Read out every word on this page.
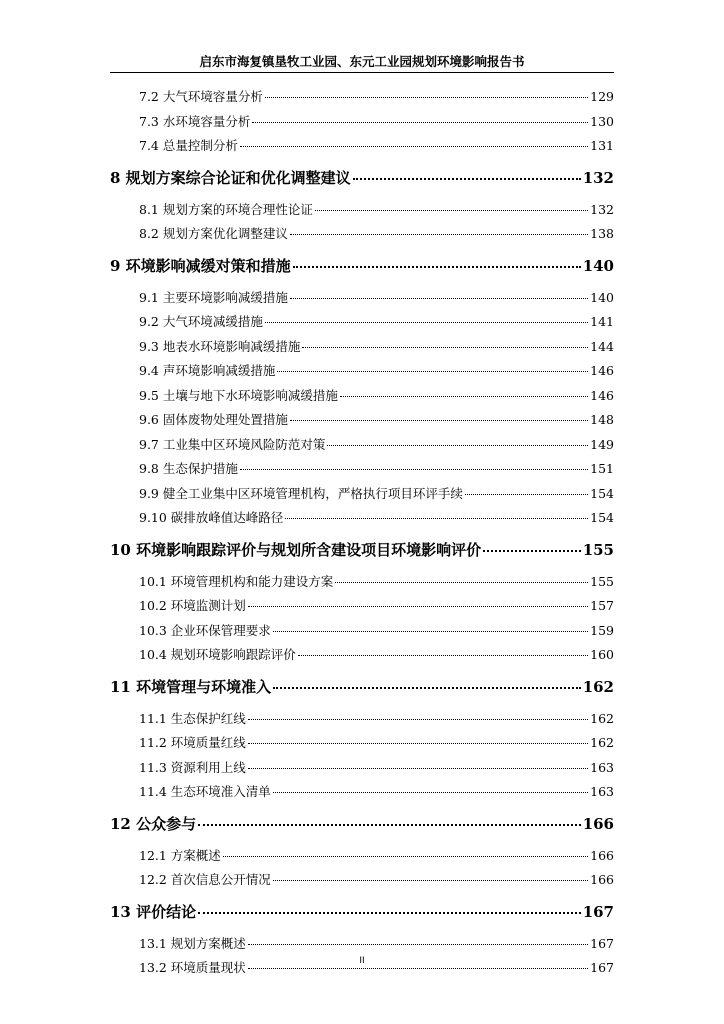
启东市海复镇垦牧工业园、东元工业园规划环境影响报告书
7.2 大气环境容量分析	129
7.3 水环境容量分析	130
7.4 总量控制分析	131
8 规划方案综合论证和优化调整建议	132
8.1 规划方案的环境合理性论证	132
8.2 规划方案优化调整建议	138
9 环境影响减缓对策和措施	140
9.1 主要环境影响减缓措施	140
9.2 大气环境减缓措施	141
9.3 地表水环境影响减缓措施	144
9.4 声环境影响减缓措施	146
9.5 土壤与地下水环境影响减缓措施	146
9.6 固体废物处理处置措施	148
9.7 工业集中区环境风险防范对策	149
9.8 生态保护措施	151
9.9 健全工业集中区环境管理机构，严格执行项目环评手续	154
9.10 碳排放峰值达峰路径	154
10 环境影响跟踪评价与规划所含建设项目环境影响评价	155
10.1 环境管理机构和能力建设方案	155
10.2 环境监测计划	157
10.3 企业环保管理要求	159
10.4 规划环境影响跟踪评价	160
11 环境管理与环境准入	162
11.1 生态保护红线	162
11.2 环境质量红线	162
11.3 资源利用上线	163
11.4 生态环境准入清单	163
12 公众参与	166
12.1 方案概述	166
12.2 首次信息公开情况	166
13 评价结论	167
13.1 规划方案概述	167
13.2 环境质量现状	167
II
